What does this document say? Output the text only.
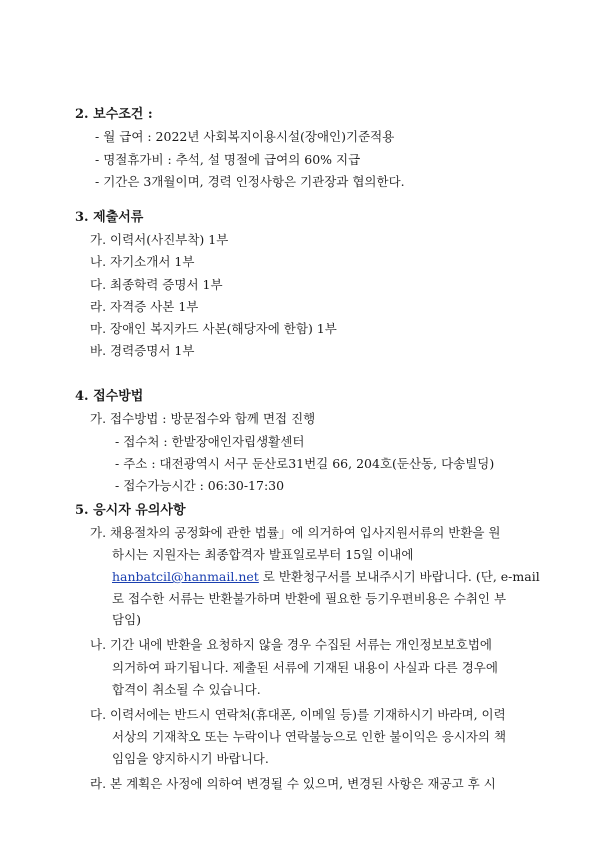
2. 보수조건 :
- 월 급여 : 2022년 사회복지이용시설(장애인)기준적용
- 명절휴가비 : 추석, 설 명절에 급여의 60% 지급
- 기간은 3개월이며, 경력 인정사항은 기관장과 협의한다.
3. 제출서류
가. 이력서(사진부착) 1부
나. 자기소개서 1부
다. 최종학력 증명서 1부
라. 자격증 사본 1부
마. 장애인 복지카드 사본(해당자에 한함) 1부
바. 경력증명서 1부
4. 접수방법
가. 접수방법 : 방문접수와 함께 면접 진행
- 접수처 : 한밭장애인자립생활센터
- 주소 : 대전광역시 서구 둔산로31번길 66, 204호(둔산동, 다송빌딩)
- 접수가능시간 : 06:30-17:30
5. 응시자 유의사항
가. 채용절차의 공정화에 관한 법률」에 의거하여 입사지원서류의 반환을 원
하시는 지원자는 최종합격자 발표일로부터 15일 이내에
hanbatcil@hanmail.net 로 반환청구서를 보내주시기 바랍니다. (단, e-mail
로 접수한 서류는 반환불가하며 반환에 필요한 등기우편비용은 수취인 부
담임)
나. 기간 내에 반환을 요청하지 않을 경우 수집된 서류는 개인정보보호법에
의거하여 파기됩니다. 제출된 서류에 기재된 내용이 사실과 다른 경우에
합격이 취소될 수 있습니다.
다. 이력서에는 반드시 연락처(휴대폰, 이메일 등)를 기재하시기 바라며, 이력
서상의 기재착오 또는 누락이나 연락불능으로 인한 불이익은 응시자의 책
임임을 양지하시기 바랍니다.
라. 본 계획은 사정에 의하여 변경될 수 있으며, 변경된 사항은 재공고 후 시
